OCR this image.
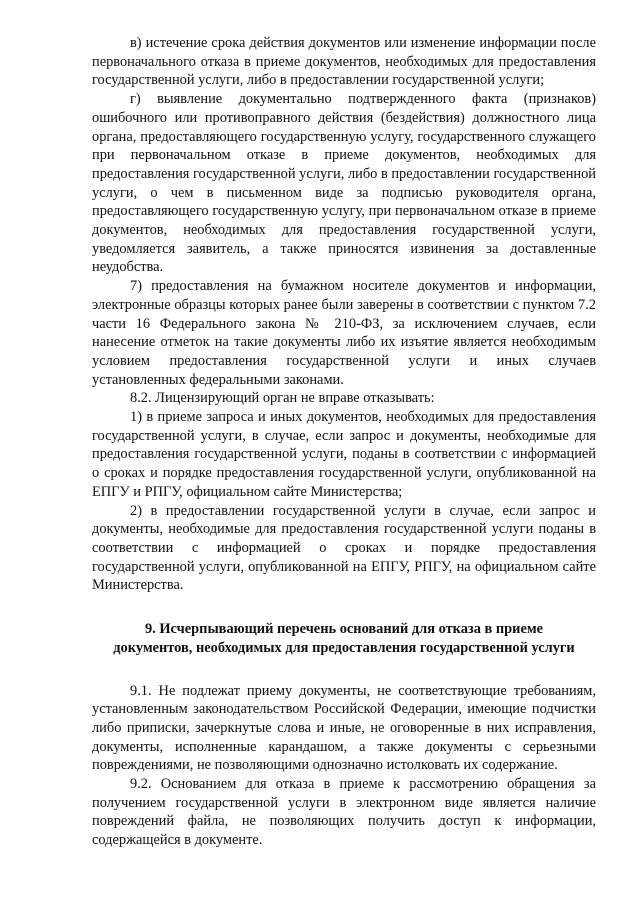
в) истечение срока действия документов или изменение информации после первоначального отказа в приеме документов, необходимых для предоставления государственной услуги, либо в предоставлении государственной услуги;

г) выявление документально подтвержденного факта (признаков) ошибочного или противоправного действия (бездействия) должностного лица органа, предоставляющего государственную услугу, государственного служащего при первоначальном отказе в приеме документов, необходимых для предоставления государственной услуги, либо в предоставлении государственной услуги, о чем в письменном виде за подписью руководителя органа, предоставляющего государственную услугу, при первоначальном отказе в приеме документов, необходимых для предоставления государственной услуги, уведомляется заявитель, а также приносятся извинения за доставленные неудобства.

7) предоставления на бумажном носителе документов и информации, электронные образцы которых ранее были заверены в соответствии с пунктом 7.2 части 16 Федерального закона № 210-ФЗ, за исключением случаев, если нанесение отметок на такие документы либо их изъятие является необходимым условием предоставления государственной услуги и иных случаев установленных федеральными законами.

8.2. Лицензирующий орган не вправе отказывать:

1) в приеме запроса и иных документов, необходимых для предоставления государственной услуги, в случае, если запрос и документы, необходимые для предоставления государственной услуги, поданы в соответствии с информацией о сроках и порядке предоставления государственной услуги, опубликованной на ЕПГУ и РПГУ, официальном сайте Министерства;

2) в предоставлении государственной услуги в случае, если запрос и документы, необходимые для предоставления государственной услуги поданы в соответствии с информацией о сроках и порядке предоставления государственной услуги, опубликованной на ЕПГУ, РПГУ, на официальном сайте Министерства.

9. Исчерпывающий перечень оснований для отказа в приеме
документов, необходимых для предоставления государственной услуги

9.1. Не подлежат приему документы, не соответствующие требованиям, установленным законодательством Российской Федерации, имеющие подчистки либо приписки, зачеркнутые слова и иные, не оговоренные в них исправления, документы, исполненные карандашом, а также документы с серьезными повреждениями, не позволяющими однозначно истолковать их содержание.

9.2. Основанием для отказа в приеме к рассмотрению обращения за получением государственной услуги в электронном виде является наличие повреждений файла, не позволяющих получить доступ к информации, содержащейся в документе.
